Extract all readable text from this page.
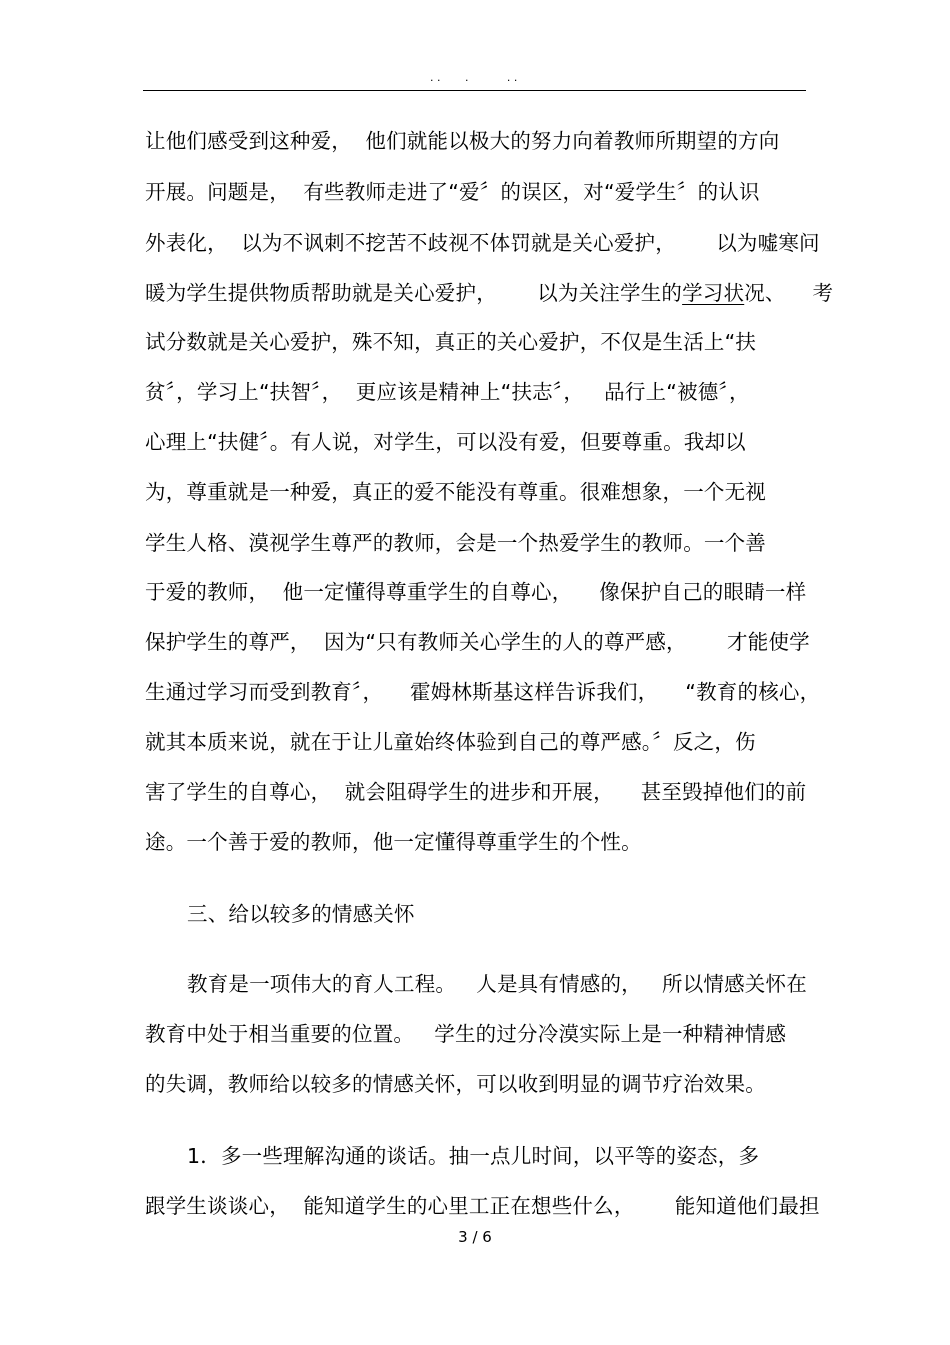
. .       .           . .
让他们感受到这种爱，  他们就能以极大的努力向着教师所期望的方向
开展。问题是，  有些教师走进了“爱〞的误区，对“爱学生〞的认识
外表化，  以为不讽刺不挖苦不歧视不体罚就是关心爱护，      以为嘘寒问
暖为学生提供物质帮助就是关心爱护，      以为关注学生的学习状况、    考
试分数就是关心爱护，殊不知，真正的关心爱护，不仅是生活上“扶
贫〞，学习上“扶智〞，  更应该是精神上“扶志〞，   品行上“被德〞，
心理上“扶健〞。有人说，对学生，可以没有爱，但要尊重。我却以
为，尊重就是一种爱，真正的爱不能没有尊重。很难想象，一个无视
学生人格、漠视学生尊严的教师，会是一个热爱学生的教师。一个善
于爱的教师，  他一定懂得尊重学生的自尊心，    像保护自己的眼睛一样
保护学生的尊严，  因为“只有教师关心学生的人的尊严感，      才能使学
生通过学习而受到教育〞，    霍姆林斯基这样告诉我们，    “教育的核心，
就其本质来说，就在于让儿童始终体验到自己的尊严感。〞反之，伤
害了学生的自尊心，  就会阻碍学生的进步和开展，    甚至毁掉他们的前
途。一个善于爱的教师，他一定懂得尊重学生的个性。
三、给以较多的情感关怀
教育是一项伟大的育人工程。   人是具有情感的，   所以情感关怀在
教育中处于相当重要的位置。   学生的过分冷漠实际上是一种精神情感
的失调，教师给以较多的情感关怀，可以收到明显的调节疗治效果。
1．多一些理解沟通的谈话。抽一点儿时间，以平等的姿态，多
跟学生谈谈心，  能知道学生的心里工正在想些什么，      能知道他们最担
3 / 6
